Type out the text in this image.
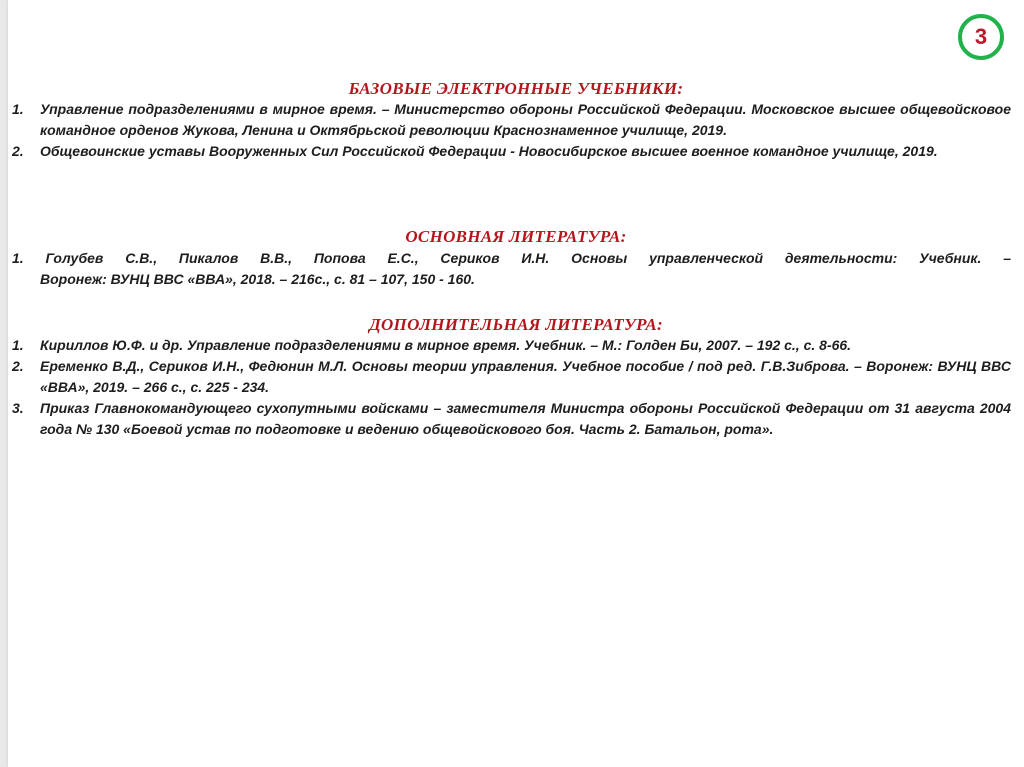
3
БАЗОВЫЕ ЭЛЕКТРОННЫЕ УЧЕБНИКИ:
1. Управление подразделениями в мирное время. – Министерство обороны Российской Федерации. Московское высшее общевойсковое командное орденов Жукова, Ленина и Октябрьской революции Краснознаменное училище, 2019.
2. Общевоинские уставы Вооруженных Сил Российской Федерации - Новосибирское высшее военное командное училище, 2019.
ОСНОВНАЯ ЛИТЕРАТУРА:
1. Голубев С.В., Пикалов В.В., Попова Е.С., Сериков И.Н. Основы управленческой деятельности: Учебник. –
Воронеж: ВУНЦ ВВС «ВВА», 2018. – 216с., с. 81 – 107, 150 - 160.
ДОПОЛНИТЕЛЬНАЯ ЛИТЕРАТУРА:
1. Кириллов Ю.Ф. и др. Управление подразделениями в мирное время. Учебник. – М.: Голден Би, 2007. – 192 с., с. 8-66.
2. Еременко В.Д., Сериков И.Н., Федюнин М.Л. Основы теории управления. Учебное пособие / под ред. Г.В.Зиброва. – Воронеж: ВУНЦ ВВС «ВВА», 2019. – 266 с., с. 225 - 234.
3. Приказ Главнокомандующего сухопутными войсками – заместителя Министра обороны Российской Федерации от 31 августа 2004 года № 130 «Боевой устав по подготовке и ведению общевойскового боя. Часть 2. Батальон, рота».
